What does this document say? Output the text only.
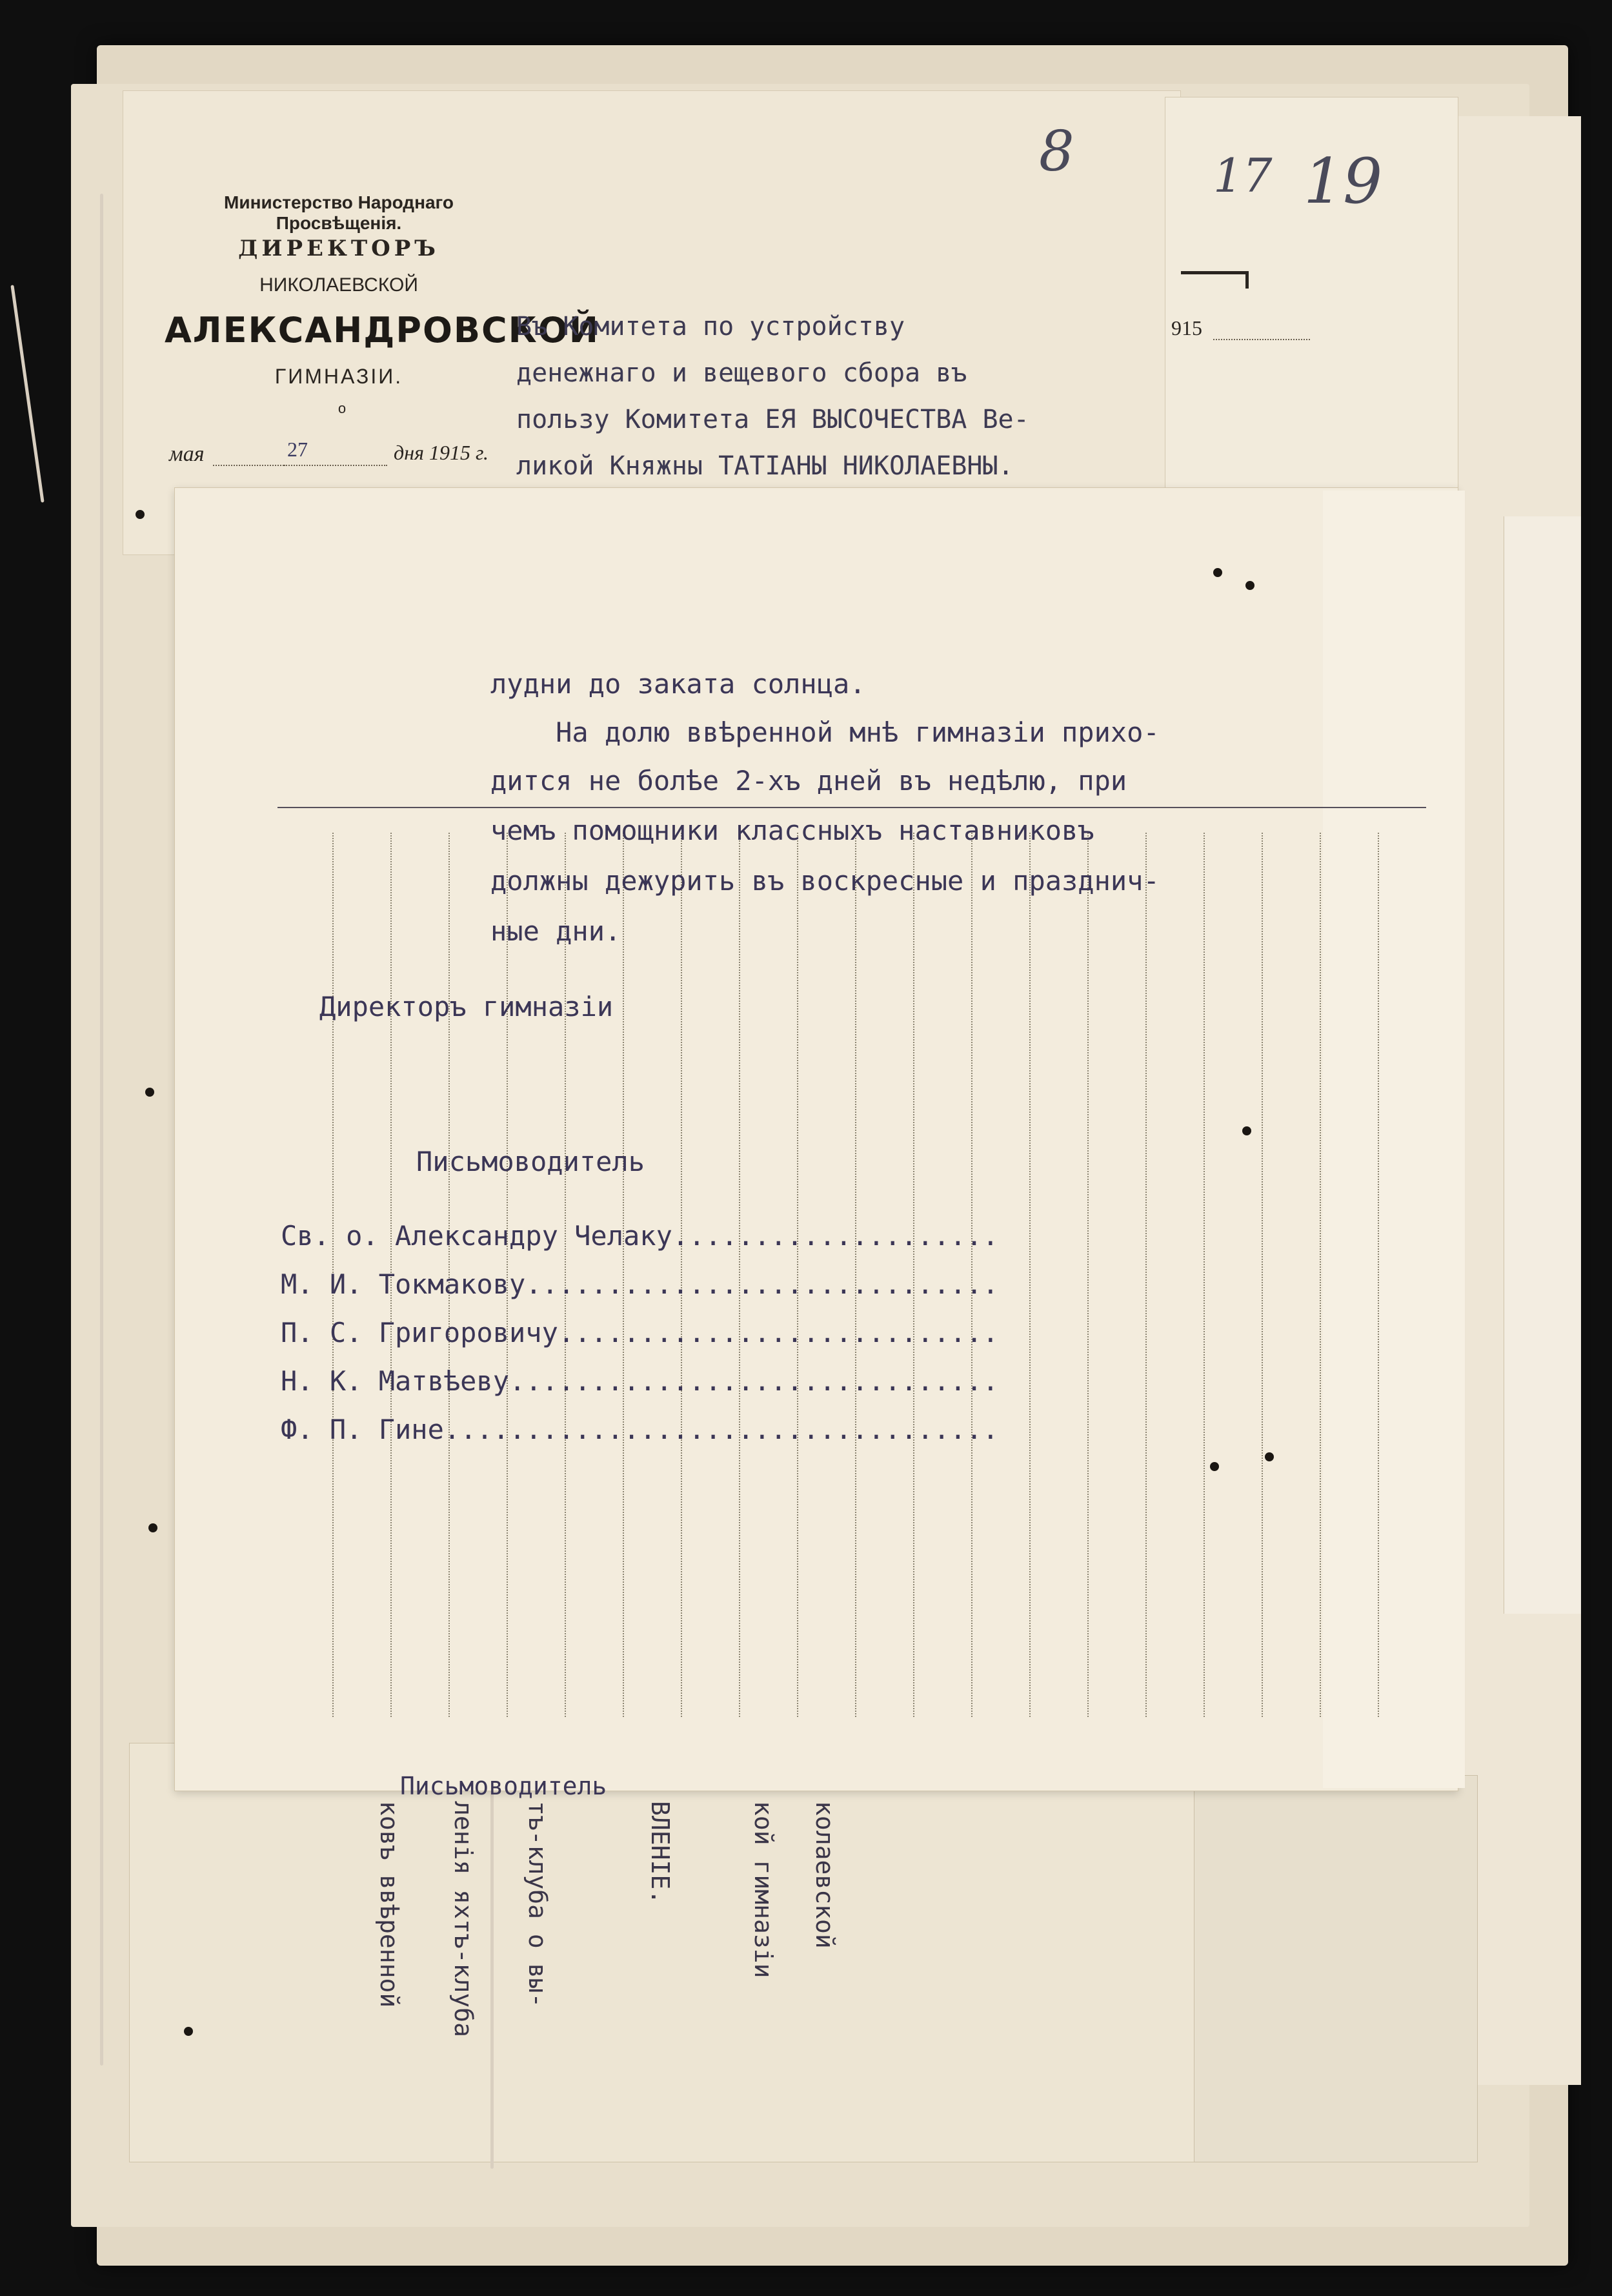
Министерство Народнаго Просвѣщенія.
ДИРЕКТОРЪ
НИКОЛАЕВСКОЙ
АЛЕКСАНДРОВСКОЙ
ГИМНАЗІИ.
о
мая	27	дня 1915 г.
Въ Комитета по устройству
денежнаго и вещевого сбора въ
пользу Комитета ЕЯ ВЫСОЧЕСТВА Ве-
ликой Княжны ТАТІАНЫ НИКОЛАЕВНЫ.
915
8	17 19
ковъ ввѣренной ленія яхтъ-клуба тъ-клуба о вы-	ВЛЕНІЕ.	кой гимназіи колаевской
лудни до заката солнца.
На долю ввѣренной мнѣ гимназіи прихо-
дится не болѣе 2-хъ дней въ недѣлю, при
чемъ помощники классныхъ наставниковъ
должны дежурить въ воскресные и празднич-
ные дни.
Директоръ гимназіи
Письмоводитель
Св. о. Александру Челаку....................
М. И. Токмакову.............................
П. С. Григоровичу...........................
Н. К. Матвѣеву..............................
Ф. П. Гине..................................
Письмоводитель
